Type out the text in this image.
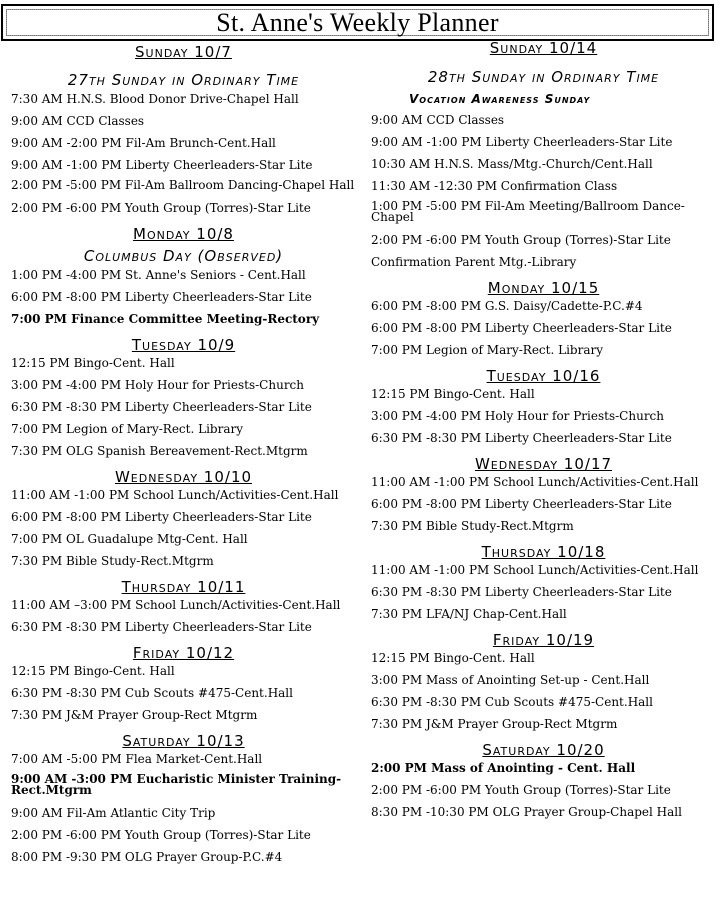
St. Anne's Weekly Planner

Sunday 10/7

27th Sunday in Ordinary Time

7:30 AM H.N.S. Blood Donor Drive-Chapel Hall

9:00 AM CCD Classes

9:00 AM -2:00 PM Fil-Am Brunch-Cent.Hall

9:00 AM -1:00 PM Liberty Cheerleaders-Star Lite

2:00 PM -5:00 PM Fil-Am Ballroom Dancing-Chapel Hall

2:00 PM -6:00 PM Youth Group (Torres)-Star Lite

Monday 10/8

Columbus Day (Observed)

1:00 PM -4:00 PM St. Anne's Seniors - Cent.Hall

6:00 PM -8:00 PM Liberty Cheerleaders-Star Lite

7:00 PM Finance Committee Meeting-Rectory

Tuesday 10/9

12:15 PM Bingo-Cent. Hall

3:00 PM -4:00 PM Holy Hour for Priests-Church

6:30 PM -8:30 PM Liberty Cheerleaders-Star Lite

7:00 PM Legion of Mary-Rect. Library

7:30 PM OLG Spanish Bereavement-Rect.Mtgrm

Wednesday 10/10

11:00 AM -1:00 PM School Lunch/Activities-Cent.Hall

6:00 PM -8:00 PM Liberty Cheerleaders-Star Lite

7:00 PM OL Guadalupe Mtg-Cent. Hall

7:30 PM Bible Study-Rect.Mtgrm

Thursday 10/11

11:00 AM –3:00 PM School Lunch/Activities-Cent.Hall

6:30 PM -8:30 PM Liberty Cheerleaders-Star Lite

Friday 10/12

12:15 PM Bingo-Cent. Hall

6:30 PM -8:30 PM Cub Scouts #475-Cent.Hall

7:30 PM J&M Prayer Group-Rect Mtgrm

Saturday 10/13

7:00 AM -5:00 PM Flea Market-Cent.Hall

9:00 AM -3:00 PM Eucharistic Minister Training-Rect.Mtgrm

9:00 AM Fil-Am Atlantic City Trip

2:00 PM -6:00 PM Youth Group (Torres)-Star Lite

8:00 PM -9:30 PM OLG Prayer Group-P.C.#4

Sunday 10/14

28th Sunday in Ordinary Time

Vocation Awareness Sunday

9:00 AM CCD Classes

9:00 AM -1:00 PM Liberty Cheerleaders-Star Lite

10:30 AM H.N.S. Mass/Mtg.-Church/Cent.Hall

11:30 AM -12:30 PM Confirmation Class

1:00 PM -5:00 PM Fil-Am Meeting/Ballroom Dance-Chapel

2:00 PM -6:00 PM Youth Group (Torres)-Star Lite

Confirmation Parent Mtg.-Library

Monday 10/15

6:00 PM -8:00 PM G.S. Daisy/Cadette-P.C.#4

6:00 PM -8:00 PM Liberty Cheerleaders-Star Lite

7:00 PM Legion of Mary-Rect. Library

Tuesday 10/16

12:15 PM Bingo-Cent. Hall

3:00 PM -4:00 PM Holy Hour for Priests-Church

6:30 PM -8:30 PM Liberty Cheerleaders-Star Lite

Wednesday 10/17

11:00 AM -1:00 PM School Lunch/Activities-Cent.Hall

6:00 PM -8:00 PM Liberty Cheerleaders-Star Lite

7:30 PM Bible Study-Rect.Mtgrm

Thursday 10/18

11:00 AM -1:00 PM School Lunch/Activities-Cent.Hall

6:30 PM -8:30 PM Liberty Cheerleaders-Star Lite

7:30 PM LFA/NJ Chap-Cent.Hall

Friday 10/19

12:15 PM Bingo-Cent. Hall

3:00 PM Mass of Anointing Set-up - Cent.Hall

6:30 PM -8:30 PM Cub Scouts #475-Cent.Hall

7:30 PM J&M Prayer Group-Rect Mtgrm

Saturday 10/20

2:00 PM Mass of Anointing - Cent. Hall

2:00 PM -6:00 PM Youth Group (Torres)-Star Lite

8:30 PM -10:30 PM OLG Prayer Group-Chapel Hall
